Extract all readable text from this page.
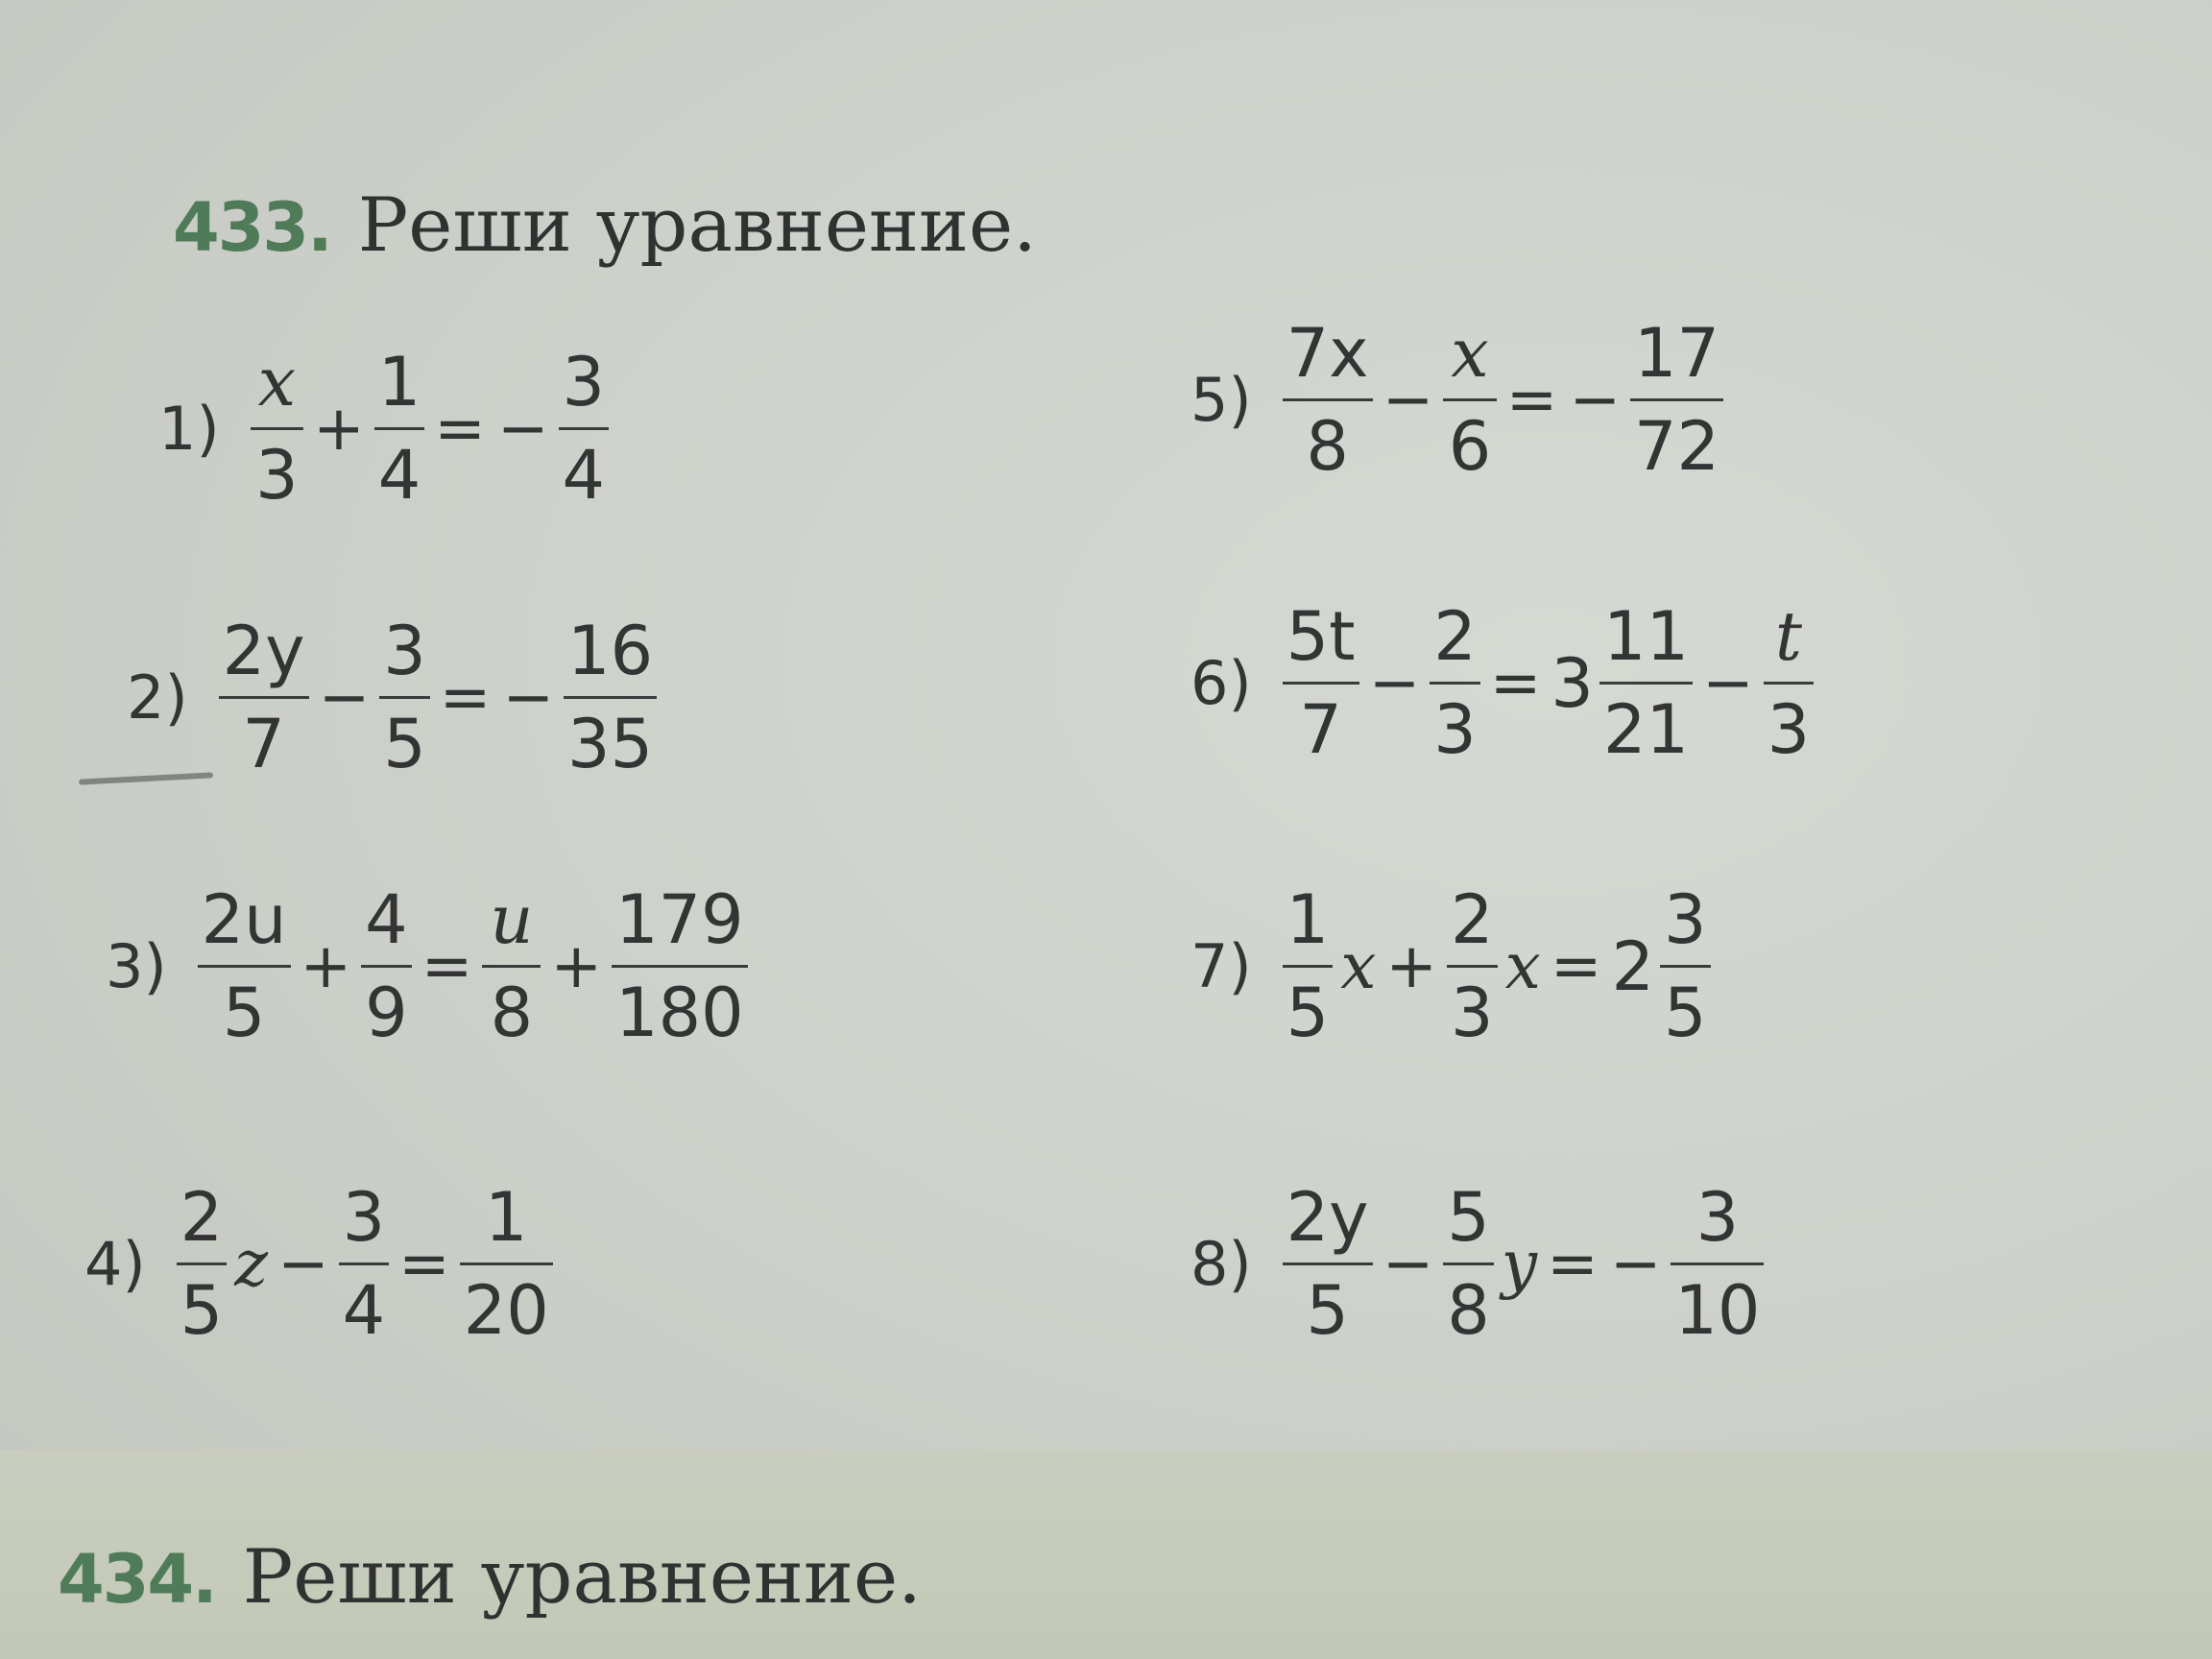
433 . Реши уравнение.
$1) \frac{x}{3} + \frac{1}{4}$ = − $\frac{3}{4}$
$2) \frac{2y}{7} - \frac{3}{5}$ = − $\frac{16}{35}$
$3) \frac{2u}{5} + \frac{4}{9} = \frac{u}{8} + \frac{179}{180}$
$4) \frac{2}{5}$ $z - \frac{3}{4} = \frac{1}{20}$
$5) \frac{7x}{8} - \frac{x}{6}$ = − $\frac{17}{72}$
$6) \frac{5t}{7} - \frac{2}{3} = 3 \frac{11}{21} - \frac{t}{3}$
$7) \frac{1}{5}$ $x + \frac{2}{3}$ $x = 2 \frac{3}{5}$
$8) \frac{2y}{5} - \frac{5}{8}$ y = − $\frac{3}{10}$
434 . Реши уравнение.
